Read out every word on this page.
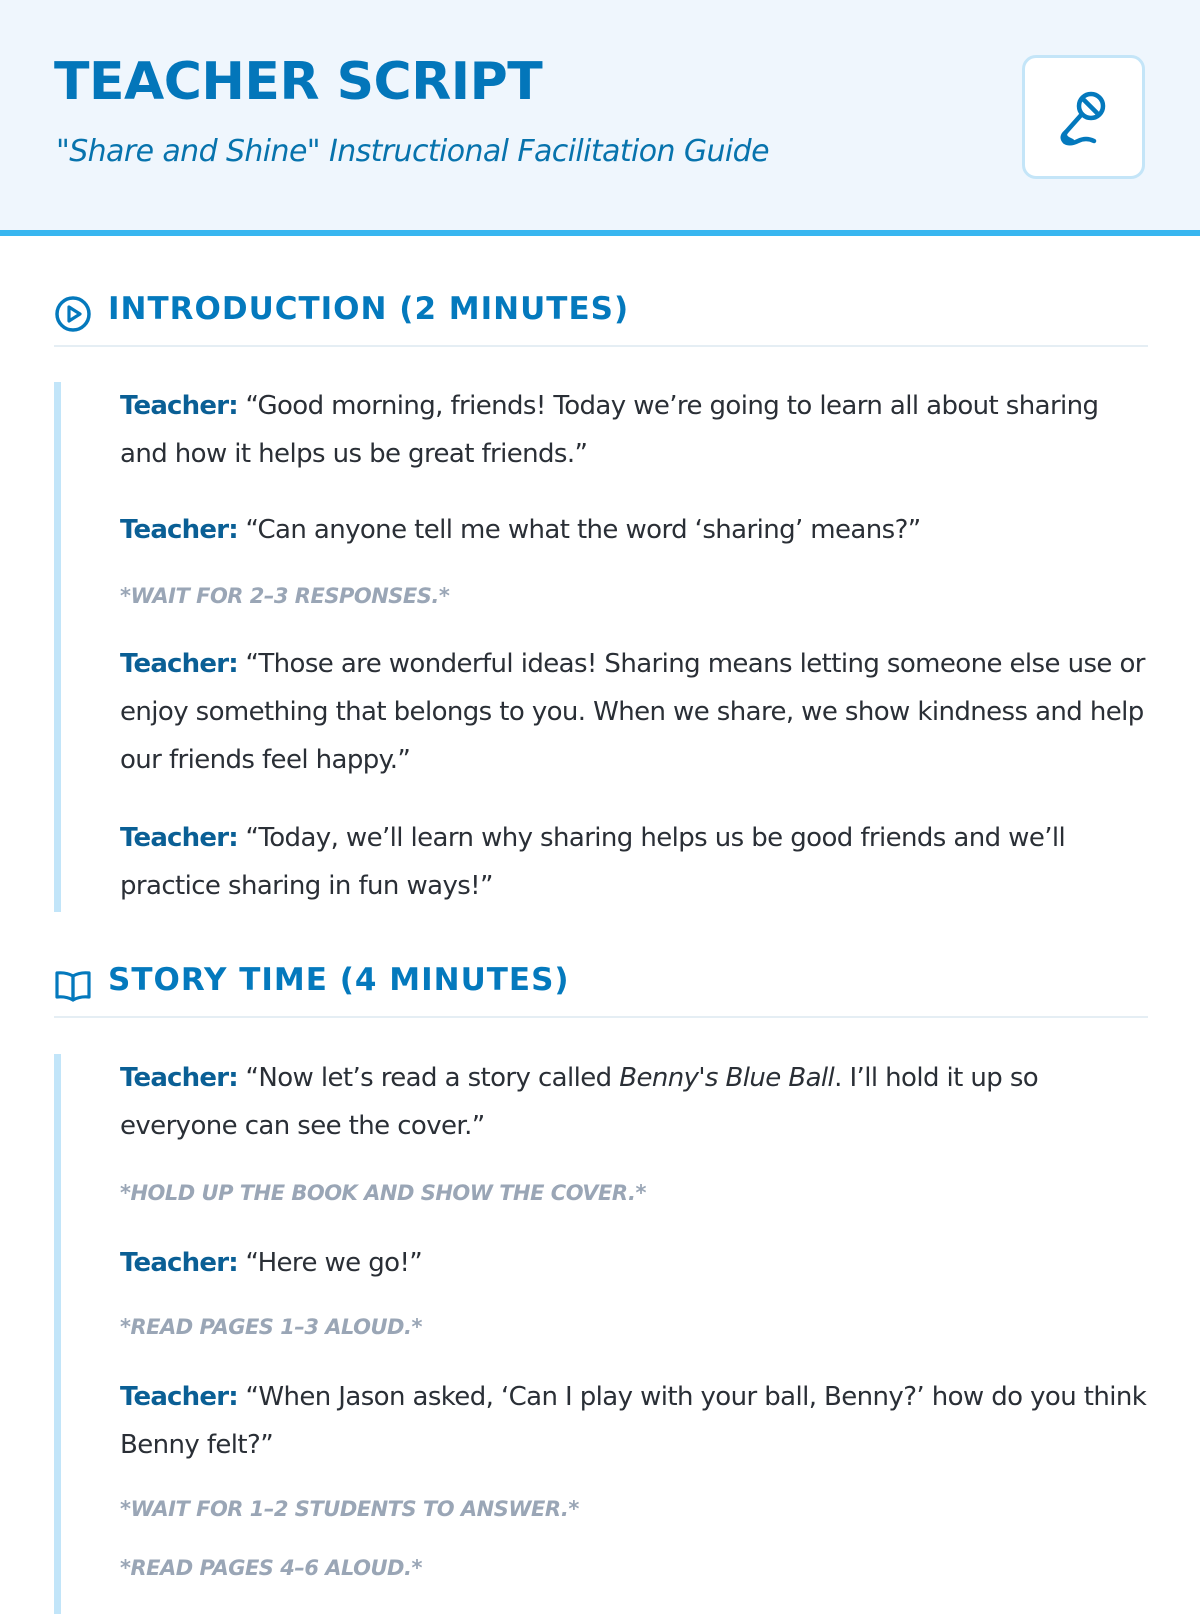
TEACHER SCRIPT
"Share and Shine" Instructional Facilitation Guide
INTRODUCTION (2 MINUTES)
Teacher: “Good morning, friends! Today we’re going to learn all about sharing and how it helps us be great friends.”
Teacher: “Can anyone tell me what the word ‘sharing’ means?”
*WAIT FOR 2–3 RESPONSES.*
Teacher: “Those are wonderful ideas! Sharing means letting someone else use or enjoy something that belongs to you. When we share, we show kindness and help our friends feel happy.”
Teacher: “Today, we’ll learn why sharing helps us be good friends and we’ll practice sharing in fun ways!”
STORY TIME (4 MINUTES)
Teacher: “Now let’s read a story called Benny's Blue Ball. I’ll hold it up so everyone can see the cover.”
*HOLD UP THE BOOK AND SHOW THE COVER.*
Teacher: “Here we go!”
*READ PAGES 1–3 ALOUD.*
Teacher: “When Jason asked, ‘Can I play with your ball, Benny?’ how do you think Benny felt?”
*WAIT FOR 1–2 STUDENTS TO ANSWER.*
*READ PAGES 4–6 ALOUD.*
